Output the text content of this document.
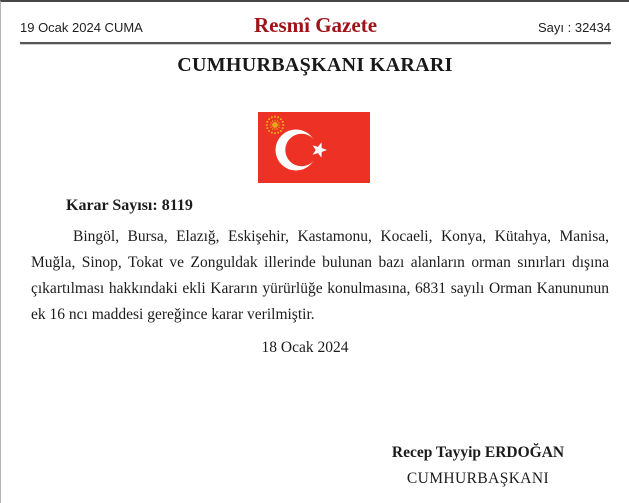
19 Ocak 2024 CUMA	Resmî Gazete	Sayı : 32434
CUMHURBAŞKANI KARARI
Karar Sayısı: 8119
Bingöl, Bursa, Elazığ, Eskişehir, Kastamonu, Kocaeli, Konya, Kütahya, Manisa, Muğla, Sinop, Tokat ve Zonguldak illerinde bulunan bazı alanların orman sınırları dışına çıkartılması hakkındaki ekli Kararın yürürlüğe konulmasına, 6831 sayılı Orman Kanununun ek 16 ncı maddesi gereğince karar verilmiştir.
18 Ocak 2024
Recep Tayyip ERDOĞAN
CUMHURBAŞKANI
